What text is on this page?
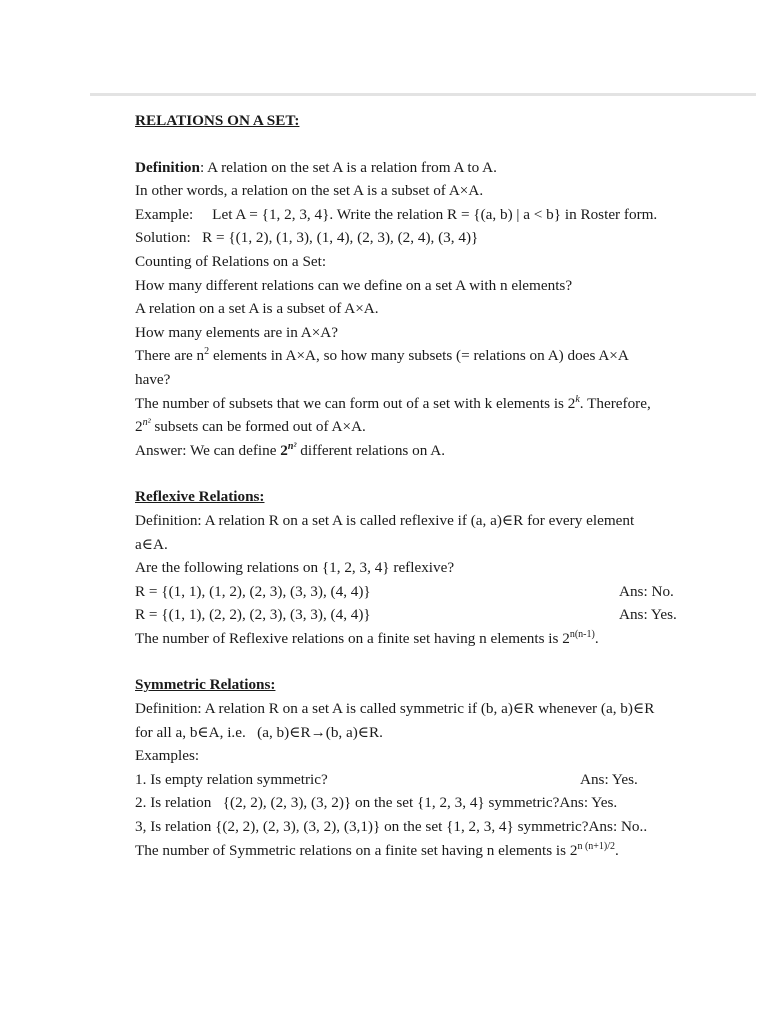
RELATIONS ON A SET:
Definition: A relation on the set A is a relation from A to A.
In other words, a relation on the set A is a subset of A×A.
Example:     Let A = {1, 2, 3, 4}. Write the relation R = {(a, b) | a < b} in Roster form.
Solution:   R = {(1, 2), (1, 3), (1, 4), (2, 3), (2, 4), (3, 4)}
Counting of Relations on a Set:
How many different relations can we define on a set A with n elements?
A relation on a set A is a subset of A×A.
How many elements are in A×A?
There are $n^2$ elements in A×A, so how many subsets (= relations on A) does A×A
have?
The number of subsets that we can form out of a set with k elements is 2$^k$. Therefore,
$2^{n^2}$ subsets can be formed out of A×A.
Answer: We can define $2^{n^2}$ different relations on A.
Reflexive Relations:
Definition: A relation R on a set A is called reflexive if (a, a)∈R for every element
a∈A.
Are the following relations on {1, 2, 3, 4} reflexive?
R = {(1, 1), (1, 2), (2, 3), (3, 3), (4, 4)}	Ans: No.
R = {(1, 1), (2, 2), (2, 3), (3, 3), (4, 4)}	Ans: Yes.
The number of Reflexive relations on a finite set having n elements is $2^{n(n-1)}$.
Symmetric Relations:
Definition: A relation R on a set A is called symmetric if (b, a)∈R whenever (a, b)∈R
for all a, b∈A, i.e.   (a, b)∈R→(b, a)∈R.
Examples:
1. Is empty relation symmetric?	Ans: Yes.
2. Is relation   {(2, 2), (2, 3), (3, 2)} on the set {1, 2, 3, 4} symmetric?Ans: Yes.
3, Is relation {(2, 2), (2, 3), (3, 2), (3,1)} on the set {1, 2, 3, 4} symmetric?Ans: No..
The number of Symmetric relations on a finite set having n elements is $2^{n (n+1)/2}$.
